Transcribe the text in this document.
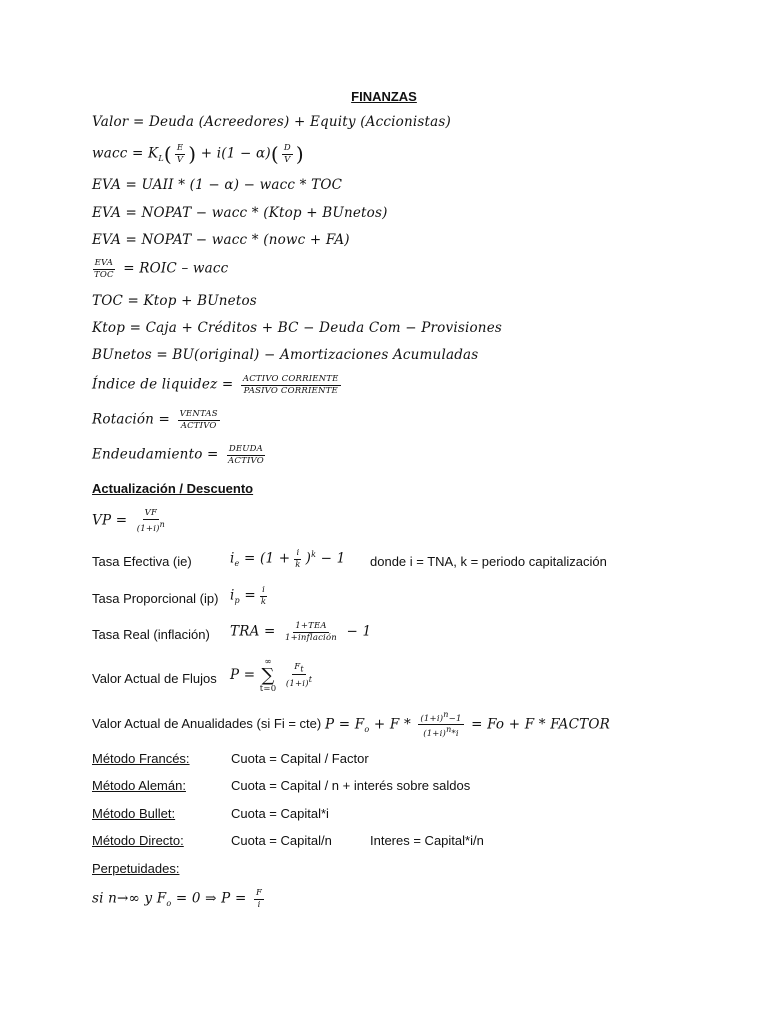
FINANZAS
Valor = Deuda (Acreedores) + Equity (Accionistas)
wacc = $K_L( \frac{E}{V}$ ) + $i(1 - \alpha)( \frac{D}{V}$ )
EVA = UAII * (1 − α) − wacc * TOC
EVA = NOPAT − wacc * (Ktop + BUnetos)
EVA = NOPAT − wacc * (nowc + FA)
$\frac{\text{EVA}}{\text{TOC}}$ = ROIC – wacc
TOC = Ktop + BUnetos
Ktop = Caja + Créditos + BC − Deuda Com − Provisiones
BUnetos = BU(original) − Amortizaciones Acumuladas
Índice de liquidez = $\frac{\text{ACTIVO CORRIENTE}}{\text{PASIVO CORRIENTE}}$
Rotación = $\frac{\text{VENTAS}}{\text{ACTIVO}}$
Endeudamiento = $\frac{\text{DEUDA}}{\text{ACTIVO}}$
Actualización / Descuento
VP = $\frac{VF}{(1+i)n}$
Tasa Efectiva (ie)	$i_e = (1 + \frac{i}{k} )^k - 1$ donde i = TNA, k = periodo capitalización
Tasa Proporcional (ip) $i_p = \frac{i}{k}$
Tasa Real (inflación) TRA = $\frac{\text{1+TEA}}{\text{1+inflación}} - 1$
Valor Actual de Flujos P =
∞
∑
t=0
$\frac{Ft}{(1+i)t}$
Valor Actual de Anualidades (si Fi = cte) $P = F_o + F * \frac{(1+i)n-1}{(1+i)n*i} = Fo + F$ * FACTOR
Método Francés:	Cuota = Capital / Factor
Método Alemán:	Cuota = Capital / n + interés sobre saldos
Método Bullet:	Cuota = Capital*i
Método Directo:	Cuota = Capital/n	Interes = Capital*i/n
Perpetuidades:
si n→∞ y $F_o = 0$ ⇒ $P = \frac{F}{i}$
